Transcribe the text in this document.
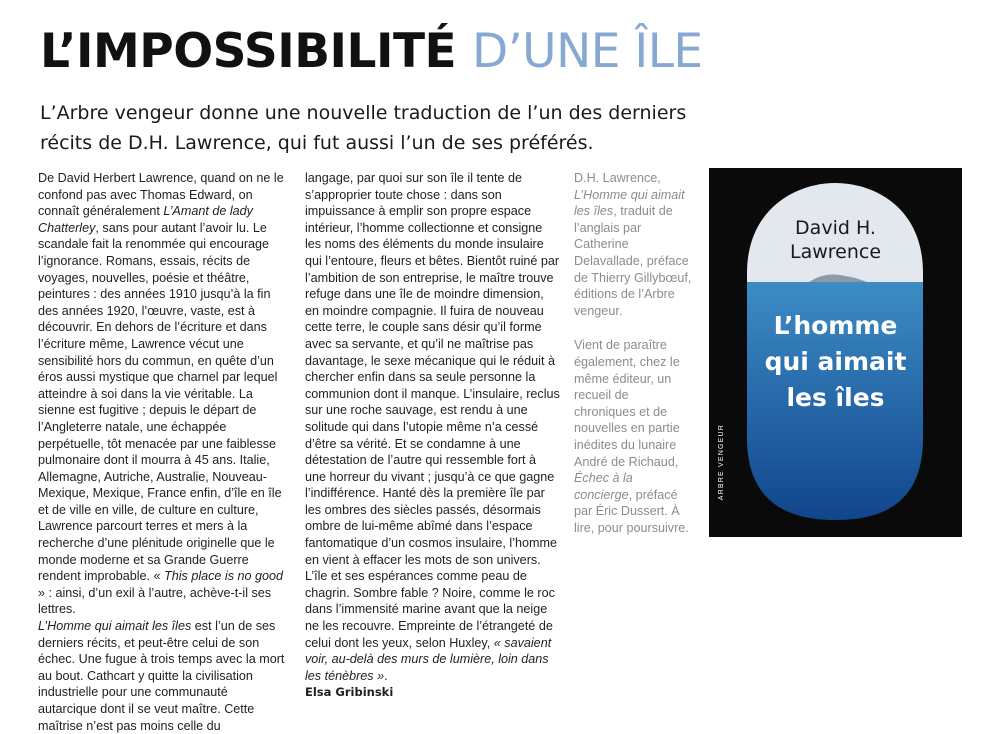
L’IMPOSSIBILITÉ D’UNE ÎLE

L’Arbre vengeur donne une nouvelle traduction de l’un des derniers récits de D.H. Lawrence, qui fut aussi l’un de ses préférés.

De David Herbert Lawrence, quand on ne le confond pas avec Thomas Edward, on connaît généralement L’Amant de lady Chatterley, sans pour autant l’avoir lu. Le scandale fait la renommée qui encourage l’ignorance. Romans, essais, récits de voyages, nouvelles, poésie et théâtre, peintures : des années 1910 jusqu’à la fin des années 1920, l’œuvre, vaste, est à découvrir. En dehors de l’écriture et dans l’écriture même, Lawrence vécut une sensibilité hors du commun, en quête d’un éros aussi mystique que charnel par lequel atteindre à soi dans la vie véritable. La sienne est fugitive ; depuis le départ de l’Angleterre natale, une échappée perpétuelle, tôt menacée par une faiblesse pulmonaire dont il mourra à 45 ans. Italie, Allemagne, Autriche, Australie, Nouveau-Mexique, Mexique, France enfin, d’île en île et de ville en ville, de culture en culture, Lawrence parcourt terres et mers à la recherche d’une plénitude originelle que le monde moderne et sa Grande Guerre rendent improbable. « This place is no good » : ainsi, d’un exil à l’autre, achève-t-il ses lettres.

L’Homme qui aimait les îles est l’un de ses derniers récits, et peut-être celui de son échec. Une fugue à trois temps avec la mort au bout. Cathcart y quitte la civilisation industrielle pour une communauté autarcique dont il se veut maître. Cette maîtrise n’est pas moins celle du

langage, par quoi sur son île il tente de s’approprier toute chose : dans son impuissance à emplir son propre espace intérieur, l’homme collectionne et consigne les noms des éléments du monde insulaire qui l’entoure, fleurs et bêtes. Bientôt ruiné par l’ambition de son entreprise, le maître trouve refuge dans une île de moindre dimension, en moindre compagnie. Il fuira de nouveau cette terre, le couple sans désir qu’il forme avec sa servante, et qu’il ne maîtrise pas davantage, le sexe mécanique qui le réduit à chercher enfin dans sa seule personne la communion dont il manque. L’insulaire, reclus sur une roche sauvage, est rendu à une solitude qui dans l’utopie même n’a cessé d’être sa vérité. Et se condamne à une détestation de l’autre qui ressemble fort à une horreur du vivant ; jusqu’à ce que gagne l’indifférence. Hanté dès la première île par les ombres des siècles passés, désormais ombre de lui-même abîmé dans l’espace fantomatique d’un cosmos insulaire, l’homme en vient à effacer les mots de son univers. L’île et ses espérances comme peau de chagrin. Sombre fable ? Noire, comme le roc dans l’immensité marine avant que la neige ne les recouvre. Empreinte de l’étrangeté de celui dont les yeux, selon Huxley, « savaient voir, au-delà des murs de lumière, loin dans les ténèbres ».

Elsa Gribinski

D.H. Lawrence,
L’Homme qui aimait les îles, traduit de l’anglais par Catherine Delavallade, préface de Thierry Gillybœuf, éditions de l’Arbre vengeur.

Vient de paraître également, chez le même éditeur, un recueil de chroniques et de nouvelles en partie inédites du lunaire André de Richaud, Échec à la concierge, préfacé par Éric Dussert. À lire, pour poursuivre.

David H.
Lawrence

L’homme
qui aimait
les îles

ARBRE VENGEUR
